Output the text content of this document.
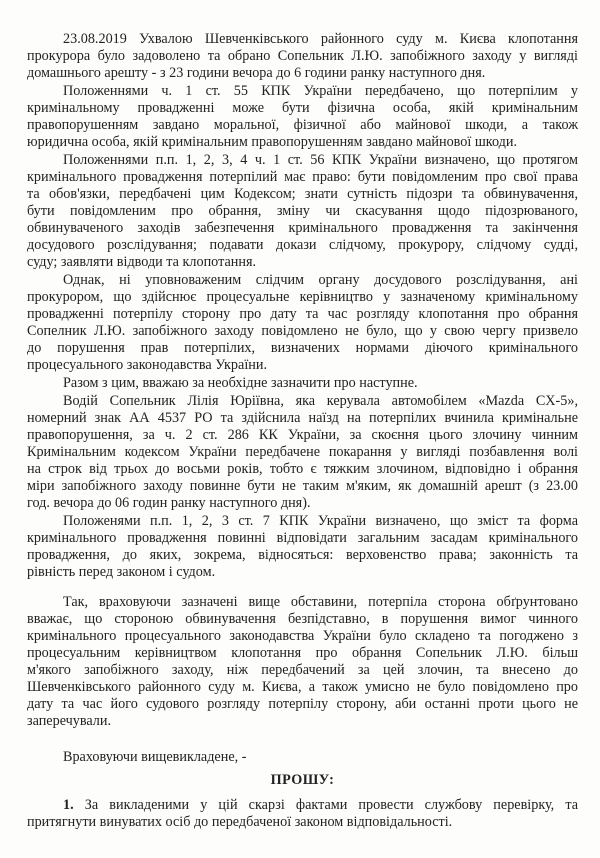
23.08.2019 Ухвалою Шевченківського районного суду м. Києва клопотання
прокурора було задоволено та обрано Сопельник Л.Ю. запобіжного заходу у вигляді
домашнього арешту - з 23 години вечора до 6 години ранку наступного дня.
Положеннями ч. 1 ст. 55 КПК України передбачено, що потерпілим у
кримінальному провадженні може бути фізична особа, якій кримінальним
правопорушенням завдано моральної, фізичної або майнової шкоди, а також
юридична особа, якій кримінальним правопорушенням завдано майнової шкоди.
Положеннями п.п. 1, 2, 3, 4 ч. 1 ст. 56 КПК України визначено, що протягом
кримінального провадження потерпілий має право: бути повідомленим про свої права
та обов'язки, передбачені цим Кодексом; знати сутність підозри та обвинувачення,
бути повідомленим про обрання, зміну чи скасування щодо підозрюваного,
обвинуваченого заходів забезпечення кримінального провадження та закінчення
досудового розслідування; подавати докази слідчому, прокурору, слідчому судді,
суду; заявляти відводи та клопотання.
Однак, ні уповноваженим слідчим органу досудового розслідування, ані
прокурором, що здійснює процесуальне керівництво у зазначеному кримінальному
провадженні потерпілу сторону про дату та час розгляду клопотання про обрання
Сопелник Л.Ю. запобіжного заходу повідомлено не було, що у свою чергу призвело
до порушення прав потерпілих, визначених нормами діючого кримінального
процесуального законодавства України.
Разом з цим, вважаю за необхідне зазначити про наступне.
Водій Сопельник Лілія Юріївна, яка керувала автомобілем «Mazda CX-5»,
номерний знак АА 4537 РО та здійснила наїзд на потерпілих вчинила кримінальне
правопорушення, за ч. 2 ст. 286 КК України, за скоєння цього злочину чинним
Кримінальним кодексом України передбачене покарання у вигляді позбавлення волі
на строк від трьох до восьми років, тобто є тяжким злочином, відповідно і обрання
міри запобіжного заходу повинне бути не таким м'яким, як домашній арешт (з 23.00
год. вечора до 06 годин ранку наступного дня).
Положенями п.п. 1, 2, 3 ст. 7 КПК України визначено, що зміст та форма
кримінального провадження повинні відповідати загальним засадам кримінального
провадження, до яких, зокрема, відносяться: верховенство права; законність та
рівність перед законом і судом.
Так, враховуючи зазначені вище обставини, потерпіла сторона обґрунтовано
вважає, що стороною обвинувачення безпідставно, в порушення вимог чинного
кримінального процесуального законодавства України було складено та погоджено з
процесуальним керівництвом клопотання про обрання Сопельник Л.Ю. більш
м'якого запобіжного заходу, ніж передбачений за цей злочин, та внесено до
Шевченківського районного суду м. Києва, а також умисно не було повідомлено про
дату та час його судового розгляду потерпілу сторону, аби останні проти цього не
заперечували.
Враховуючи вищевикладене, -
ПРОШУ:
1. За викладеними у цій скарзі фактами провести службову перевірку, та
притягнути винуватих осіб до передбаченої законом відповідальності.
